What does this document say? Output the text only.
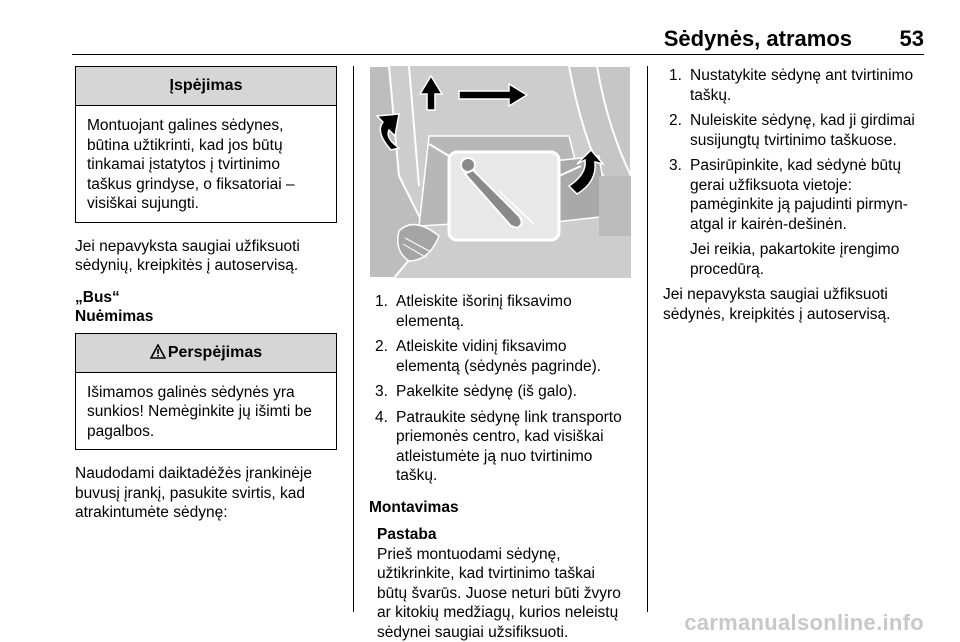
Sėdynės, atramos 53
Įspėjimas
Montuojant galines sėdynes,
būtina užtikrinti, kad jos būtų
tinkamai įstatytos į tvirtinimo
taškus grindyse, o fiksatoriai –
visiškai sujungti.
Jei nepavyksta saugiai užfiksuoti
sėdynių, kreipkitės į autoservisą.
„Bus“
Nuėmimas
Perspėjimas
Išimamos galinės sėdynės yra
sunkios! Nemėginkite jų išimti be
pagalbos.
Naudodami daiktadėžės įrankinėje
buvusį įrankį, pasukite svirtis, kad
atrakintumėte sėdynę:
1. Atleiskite išorinį fiksavimo
elementą.
2. Atleiskite vidinį fiksavimo
elementą (sėdynės pagrinde).
3. Pakelkite sėdynę (iš galo).
4. Patraukite sėdynę link transporto
priemonės centro, kad visiškai
atleistumėte ją nuo tvirtinimo
taškų.
Montavimas
Pastaba
Prieš montuodami sėdynę,
užtikrinkite, kad tvirtinimo taškai
būtų švarūs. Juose neturi būti žvyro
ar kitokių medžiagų, kurios neleistų
sėdynei saugiai užsifiksuoti.
1. Nustatykite sėdynę ant tvirtinimo
taškų.
2. Nuleiskite sėdynę, kad ji girdimai
susijungtų tvirtinimo taškuose.
3. Pasirūpinkite, kad sėdynė būtų
gerai užfiksuota vietoje:
pamėginkite ją pajudinti pirmyn-
atgal ir kairėn-dešinėn.
Jei reikia, pakartokite įrengimo
procedūrą.
Jei nepavyksta saugiai užfiksuoti
sėdynės, kreipkitės į autoservisą.
carmanualsonline.info
